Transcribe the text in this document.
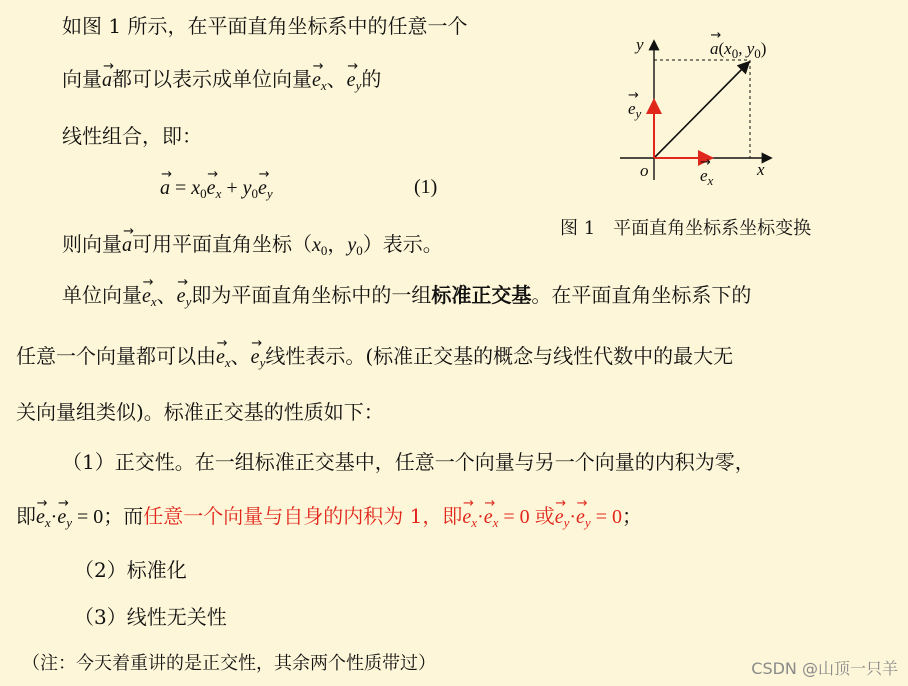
如图 1 所示，在平面直角坐标系中的任意一个
向量→ a都可以表示成单位向量→ $e_x$、→ $e_y$的
线性组合，即：
→ $a = x_0\to e_x + y_0\to e_y$	(1)
则向量→ a可用平面直角坐标（$x_0$，$y_0$）表示。
单位向量→ $e_x$、→ $e_y$即为平面直角坐标中的一组标准正交基。在平面直角坐标系下的
任意一个向量都可以由→ $e_x$、→ $e_y$线性表示。(标准正交基的概念与线性代数中的最大无
关向量组类似)。标准正交基的性质如下：
（1）正交性。在一组标准正交基中，任意一个向量与另一个向量的内积为零，
即→ $e_x\cdot\to e_y = 0$；而任意一个向量与自身的内积为 1，即→ $e_x\cdot\to e_x = 0$ 或→ $e_y\cdot\to e_y = 0$；
（2）标准化
（3）线性无关性
y
x
o
→ $a(x_0$, $y_0$)
→ $e_y$
→ $e_x$
图 1　平面直角坐标系坐标变换
（注：今天着重讲的是正交性，其余两个性质带过）	CSDN @山顶一只羊
